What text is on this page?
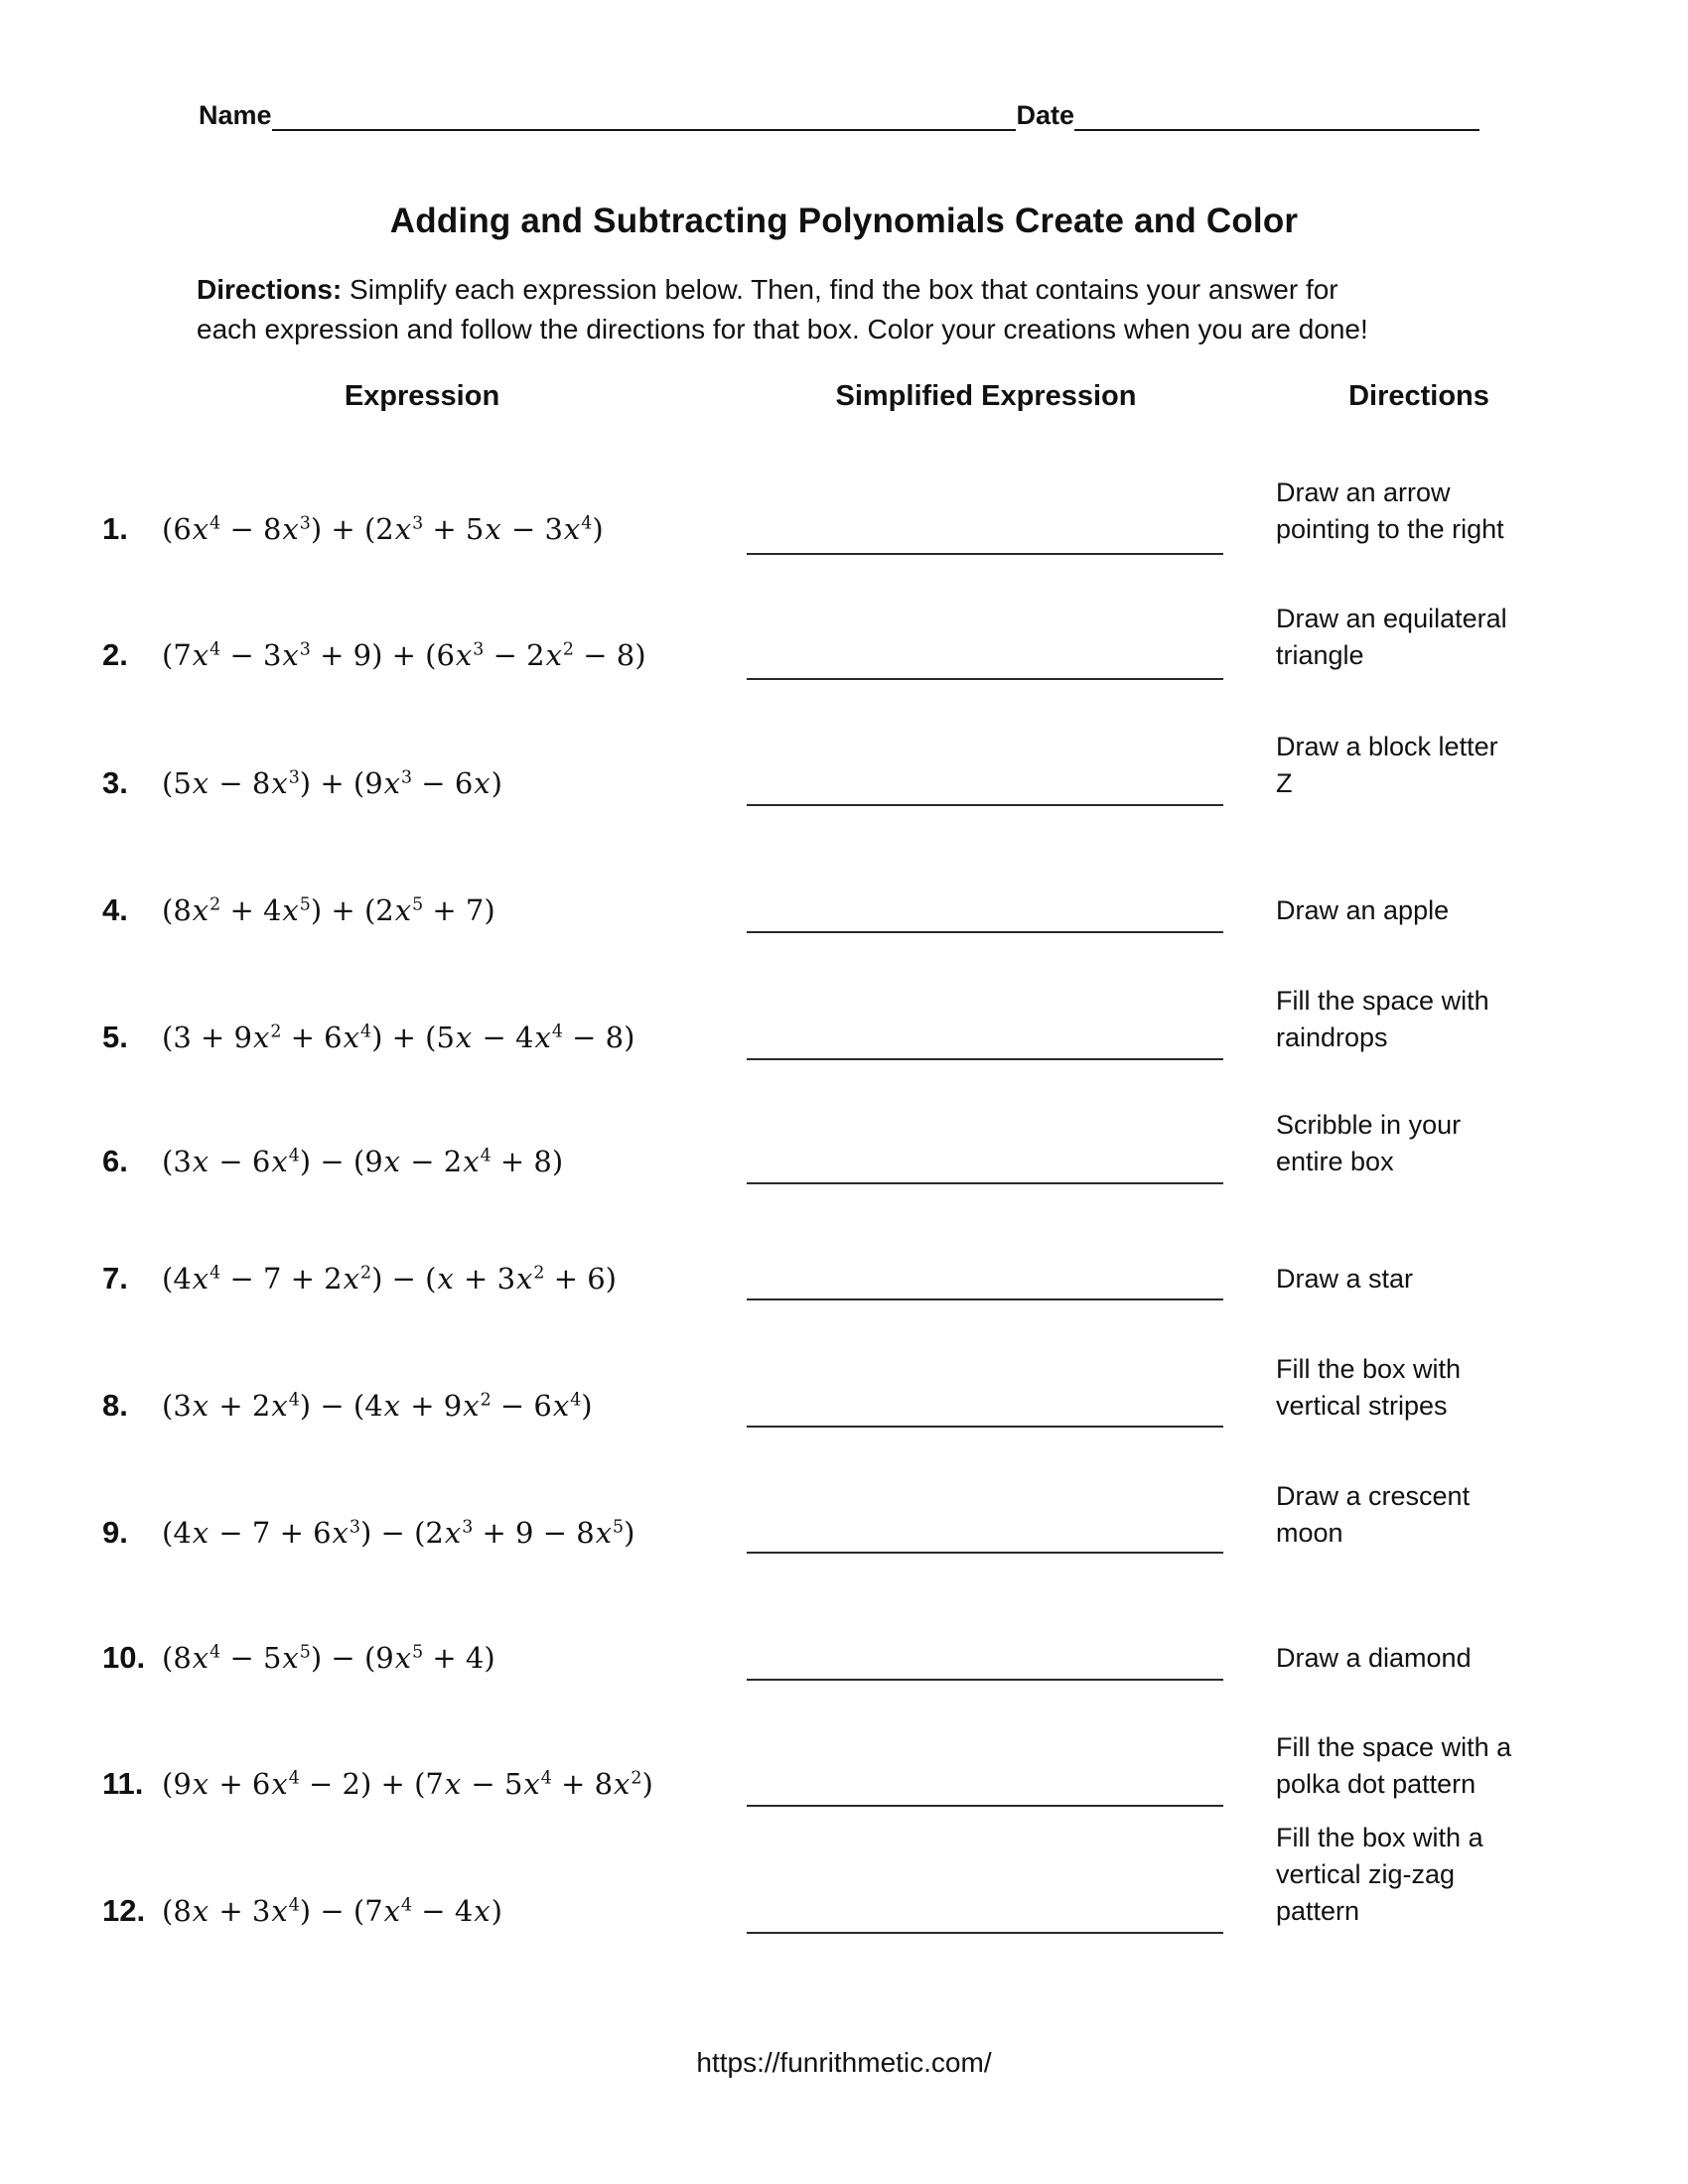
Name	Date
Adding and Subtracting Polynomials Create and Color
Directions: Simplify each expression below. Then, find the box that contains your answer for
each expression and follow the directions for that box. Color your creations when you are done!
Expression	Simplified Expression	Directions
1. $(6x^4 - 8x^3) + (2x^3 + 5x - 3x^4)$
Draw an arrow
pointing to the right
2. $(7x^4 - 3x^3 + 9) + (6x^3 - 2x^2 - 8)$
Draw an equilateral
triangle
3. $(5x - 8x^3) + (9x^3 - 6x)$
Draw a block letter
Z
4. $(8x^2 + 4x^5) + (2x^5 + 7)$	Draw an apple
5. $(3 + 9x^2 + 6x^4) + (5x - 4x^4 - 8)$
Fill the space with
raindrops
6. $(3x - 6x^4) - (9x - 2x^4 + 8)$
Scribble in your
entire box
7. $(4x^4 - 7 + 2x^2) - (x + 3x^2 + 6)$	Draw a star
8. $(3x + 2x^4) - (4x + 9x^2 - 6x^4)$
Fill the box with
vertical stripes
9. $(4x - 7 + 6x^3) - (2x^3 + 9 - 8x^5)$
Draw a crescent
moon
10. $(8x^4 - 5x^5) - (9x^5 + 4)$	Draw a diamond
11. $(9x + 6x^4 - 2) + (7x - 5x^4 + 8x^2)$
Fill the space with a
polka dot pattern
12. $(8x + 3x^4) - (7x^4 - 4x)$
Fill the box with a
vertical zig-zag
pattern
https://funrithmetic.com/
